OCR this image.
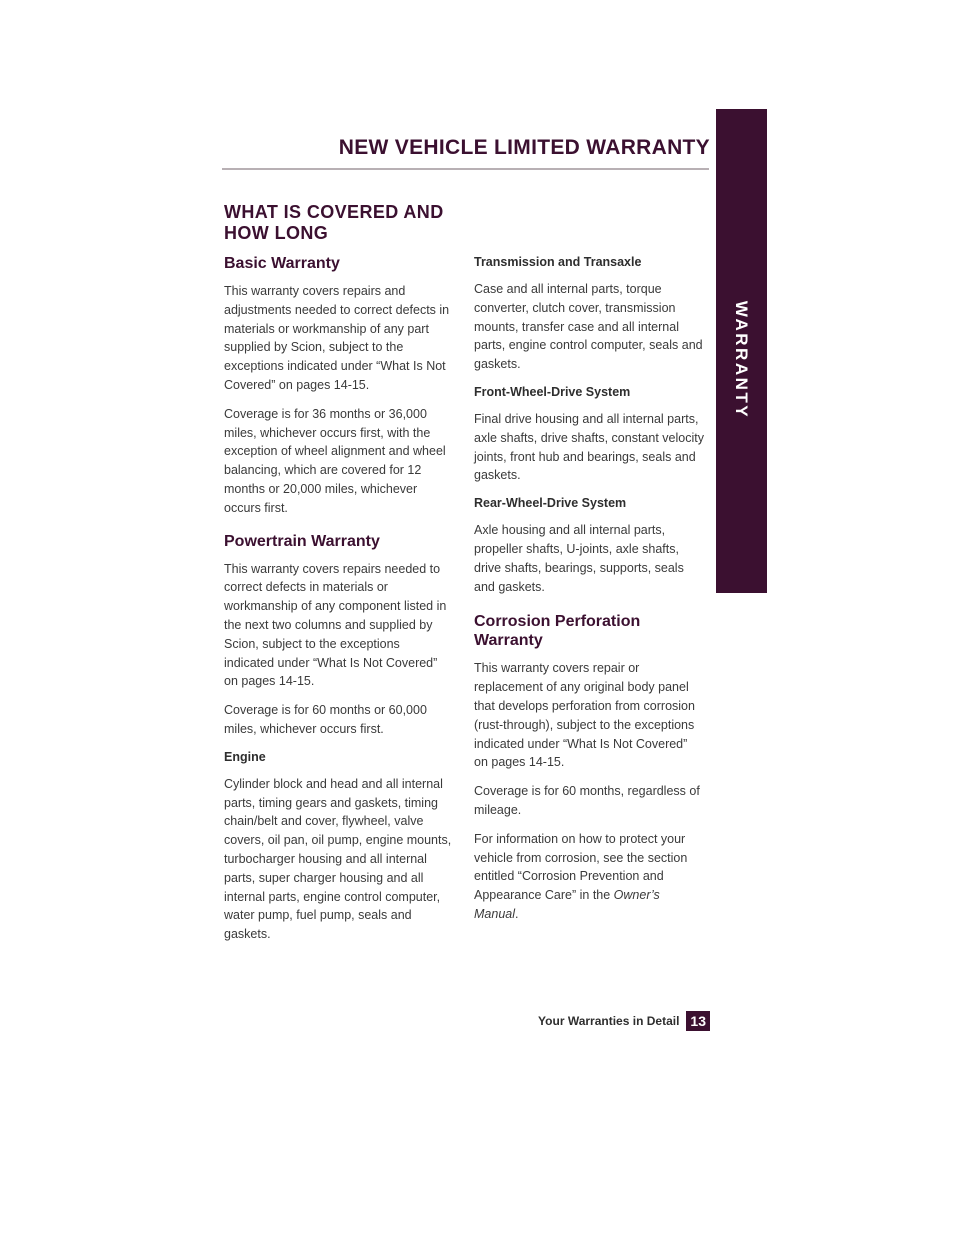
NEW VEHICLE LIMITED WARRANTY
WARRANTY
WHAT IS COVERED AND HOW LONG
Basic Warranty

This warranty covers repairs and adjustments needed to correct defects in materials or workmanship of any part supplied by Scion, subject to the exceptions indicated under “What Is Not Covered” on pages 14-15.

Coverage is for 36 months or 36,000 miles, whichever occurs first, with the exception of wheel alignment and wheel balancing, which are covered for 12 months or 20,000 miles, whichever occurs first.

Powertrain Warranty

This warranty covers repairs needed to correct defects in materials or workmanship of any component listed in the next two columns and supplied by Scion, subject to the exceptions indicated under “What Is Not Covered” on pages 14-15.

Coverage is for 60 months or 60,000 miles, whichever occurs first.

Engine

Cylinder block and head and all internal parts, timing gears and gaskets, timing chain/belt and cover, flywheel, valve covers, oil pan, oil pump, engine mounts, turbocharger housing and all internal parts, super charger housing and all internal parts, engine control computer, water pump, fuel pump, seals and gaskets.

Transmission and Transaxle

Case and all internal parts, torque converter, clutch cover, transmission mounts, transfer case and all internal parts, engine control computer, seals and gaskets.

Front-Wheel-Drive System

Final drive housing and all internal parts, axle shafts, drive shafts, constant velocity joints, front hub and bearings, seals and gaskets.

Rear-Wheel-Drive System

Axle housing and all internal parts, propeller shafts, U-joints, axle shafts, drive shafts, bearings, supports, seals and gaskets.

Corrosion Perforation Warranty

This warranty covers repair or replacement of any original body panel that develops perforation from corrosion (rust-through), subject to the exceptions indicated under “What Is Not Covered” on pages 14-15.

Coverage is for 60 months, regardless of mileage.

For information on how to protect your vehicle from corrosion, see the section entitled “Corrosion Prevention and Appearance Care” in the Owner’s Manual.

Your Warranties in Detail 13
